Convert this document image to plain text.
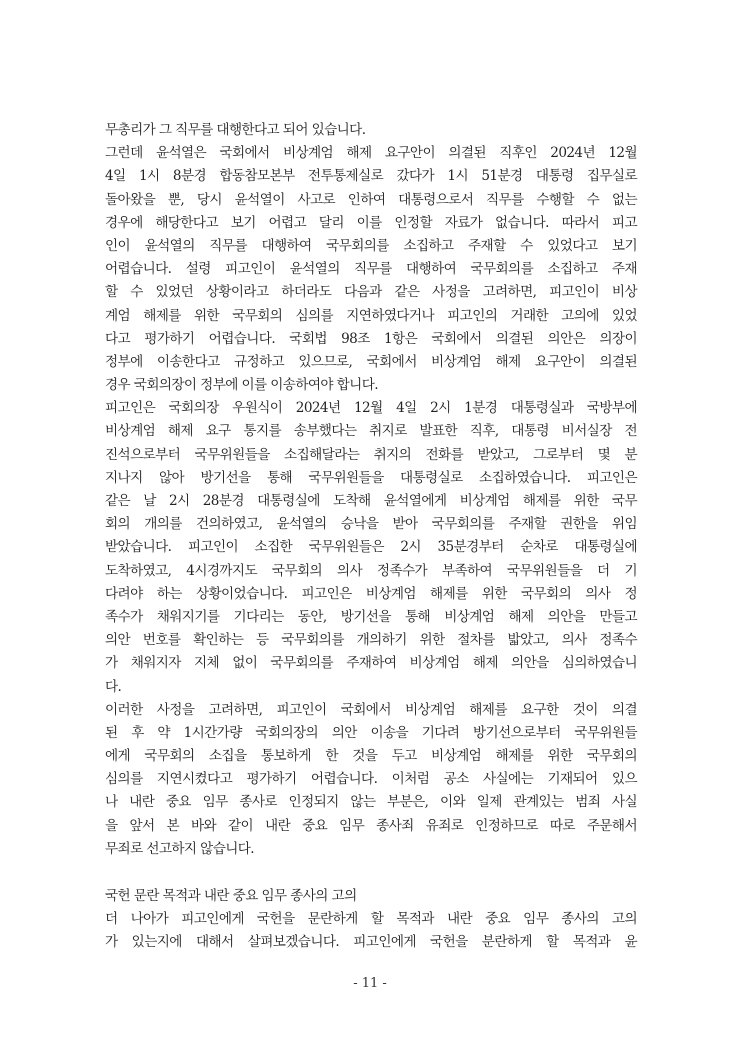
무총리가 그 직무를 대행한다고 되어 있습니다.
그런데 윤석열은 국회에서 비상계엄 해제 요구안이 의결된 직후인 2024년 12월
4일 1시 8분경 합동참모본부 전투통제실로 갔다가 1시 51분경 대통령 집무실로
돌아왔을 뿐, 당시 윤석열이 사고로 인하여 대통령으로서 직무를 수행할 수 없는
경우에 해당한다고 보기 어렵고 달리 이를 인정할 자료가 없습니다. 따라서 피고
인이 윤석열의 직무를 대행하여 국무회의를 소집하고 주재할 수 있었다고 보기
어렵습니다. 설령 피고인이 윤석열의 직무를 대행하여 국무회의를 소집하고 주재
할 수 있었던 상황이라고 하더라도 다음과 같은 사정을 고려하면, 피고인이 비상
계엄 해제를 위한 국무회의 심의를 지연하였다거나 피고인의 거래한 고의에 있었
다고 평가하기 어렵습니다. 국회법 98조 1항은 국회에서 의결된 의안은 의장이
정부에 이송한다고 규정하고 있으므로, 국회에서 비상계엄 해제 요구안이 의결된
경우 국회의장이 정부에 이를 이송하여야 합니다.
피고인은 국회의장 우원식이 2024년 12월 4일 2시 1분경 대통령실과 국방부에
비상계엄 해제 요구 통지를 송부했다는 취지로 발표한 직후, 대통령 비서실장 전
진석으로부터 국무위원들을 소집해달라는 취지의 전화를 받았고, 그로부터 몇 분
지나지 않아 방기선을 통해 국무위원들을 대통령실로 소집하였습니다. 피고인은
같은 날 2시 28분경 대통령실에 도착해 윤석열에게 비상계엄 해제를 위한 국무
회의 개의를 건의하였고, 윤석열의 승낙을 받아 국무회의를 주재할 권한을 위임
받았습니다. 피고인이 소집한 국무위원들은 2시 35분경부터 순차로 대통령실에
도착하였고, 4시경까지도 국무회의 의사 정족수가 부족하여 국무위원들을 더 기
다려야 하는 상황이었습니다. 피고인은 비상계엄 해제를 위한 국무회의 의사 정
족수가 채워지기를 기다리는 동안, 방기선을 통해 비상계엄 해제 의안을 만들고
의안 번호를 확인하는 등 국무회의를 개의하기 위한 절차를 밟았고, 의사 정족수
가 채워지자 지체 없이 국무회의를 주재하여 비상계엄 해제 의안을 심의하였습니
다.
이러한 사정을 고려하면, 피고인이 국회에서 비상계엄 해제를 요구한 것이 의결
된 후 약 1시간가량 국회의장의 의안 이송을 기다려 방기선으로부터 국무위원들
에게 국무회의 소집을 통보하게 한 것을 두고 비상계엄 해제를 위한 국무회의
심의를 지연시켰다고 평가하기 어렵습니다. 이처럼 공소 사실에는 기재되어 있으
나 내란 중요 임무 종사로 인정되지 않는 부분은, 이와 일제 관계있는 범죄 사실
을 앞서 본 바와 같이 내란 중요 임무 종사죄 유죄로 인정하므로 따로 주문해서
무죄로 선고하지 않습니다.
국헌 문란 목적과 내란 중요 임무 종사의 고의
더 나아가 피고인에게 국헌을 문란하게 할 목적과 내란 중요 임무 종사의 고의
가 있는지에 대해서 살펴보겠습니다. 피고인에게 국헌을 분란하게 할 목적과 윤
- 11 -
